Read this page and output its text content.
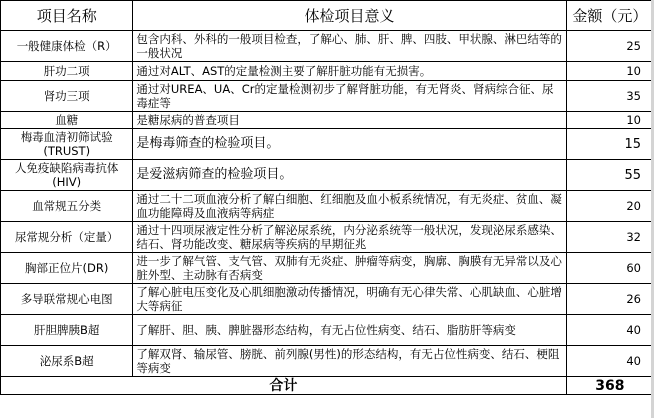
项目名称	体检项目意义	金额（元）
一般健康体检（R）	包含内科、外科的一般项目检查，了解心、肺、肝、脾、四肢、甲状腺、淋巴结等的一般状况	25
肝功二项	通过对ALT、AST的定量检测主要了解肝脏功能有无损害。	10
肾功三项	通过对UREA、UA、Cr的定量检测初步了解肾脏功能，有无肾炎、肾病综合征、尿毒症等	35
血糖	是糖尿病的普查项目	10
梅毒血清初筛试验(TRUST)	是梅毒筛查的检验项目。	15
人免疫缺陷病毒抗体(HIV)	是爱滋病筛查的检验项目。	55
血常规五分类	通过二十二项血液分析了解白细胞、红细胞及血小板系统情况，有无炎症、贫血、凝血功能障碍及血液病等病症	20
尿常规分析（定量）	通过十四项尿液定性分析了解泌尿系统，内分泌系统等一般状况，发现泌尿系感染、结石、肾功能改变、糖尿病等疾病的早期征兆	32
胸部正位片(DR)	进一步了解气管、支气管、双肺有无炎症、肿瘤等病变，胸廓、胸膜有无异常以及心脏外型、主动脉有否病变	60
多导联常规心电图	了解心脏电压变化及心肌细胞激动传播情况，明确有无心律失常、心肌缺血、心脏增大等病征	26
肝胆脾胰B超	了解肝、胆、胰、脾脏器形态结构，有无占位性病变、结石、脂肪肝等病变	40
泌尿系B超	了解双肾、输尿管、膀胱、前列腺(男性)的形态结构，有无占位性病变、结石、梗阻等病变	40
合计		368
